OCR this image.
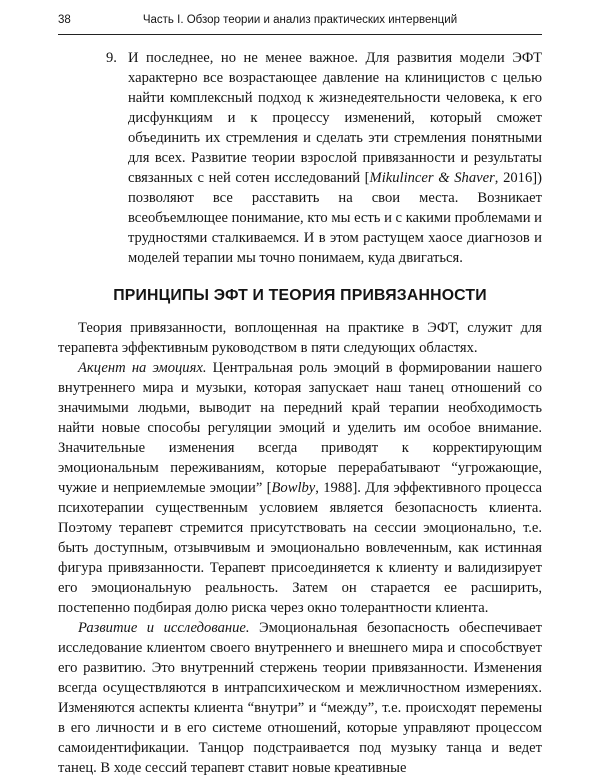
38	Часть I. Обзор теории и анализ практических интервенций
9. И последнее, но не менее важное. Для развития модели ЭФТ характерно все возрастающее давление на клиницистов с целью найти комплексный подход к жизнедеятельности человека, к его дисфункциям и к процессу изменений, который сможет объединить их стремления и сделать эти стремления понятными для всех. Развитие теории взрослой привязанности и результаты связанных с ней сотен исследований [Mikulincer & Shaver, 2016]) позволяют все расставить на свои места. Возникает всеобъемлющее понимание, кто мы есть и с какими проблемами и трудностями сталкиваемся. И в этом растущем хаосе диагнозов и моделей терапии мы точно понимаем, куда двигаться.
ПРИНЦИПЫ ЭФТ И ТЕОРИЯ ПРИВЯЗАННОСТИ

Теория привязанности, воплощенная на практике в ЭФТ, служит для терапевта эффективным руководством в пяти следующих областях.

Акцент на эмоциях. Центральная роль эмоций в формировании нашего внутреннего мира и музыки, которая запускает наш танец отношений со значимыми людьми, выводит на передний край терапии необходимость найти новые способы регуляции эмоций и уделить им особое внимание. Значительные изменения всегда приводят к корректирующим эмоциональным переживаниям, которые перерабатывают “угрожающие, чужие и неприемлемые эмоции” [Bowlby, 1988]. Для эффективного процесса психотерапии существенным условием является безопасность клиента. Поэтому терапевт стремится присутствовать на сессии эмоционально, т.е. быть доступным, отзывчивым и эмоционально вовлеченным, как истинная фигура привязанности. Терапевт присоединяется к клиенту и валидизирует его эмоциональную реальность. Затем он старается ее расширить, постепенно подбирая долю риска через окно толерантности клиента.

Развитие и исследование. Эмоциональная безопасность обеспечивает исследование клиентом своего внутреннего и внешнего мира и способствует его развитию. Это внутренний стержень теории привязанности. Изменения всегда осуществляются в интрапсихическом и межличностном измерениях. Изменяются аспекты клиента “внутри” и “между”, т.е. происходят перемены в его личности и в его системе отношений, которые управляют процессом самоидентификации. Танцор подстраивается под музыку танца и ведет танец. В ходе сессий терапевт ставит новые креативные
